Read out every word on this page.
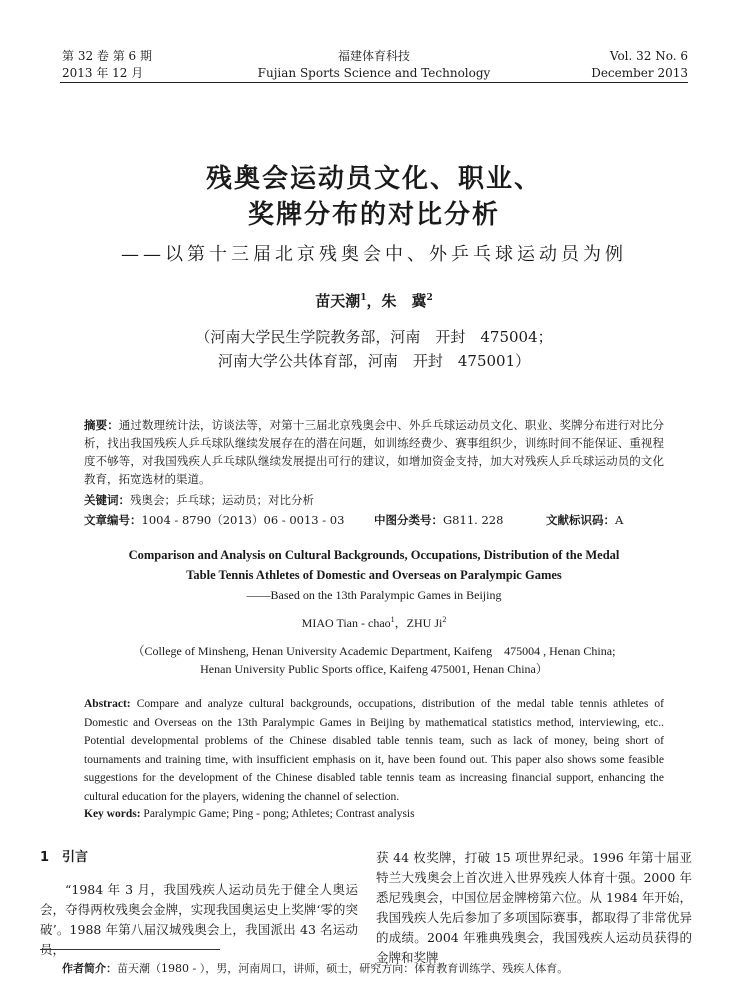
第 32 卷 第 6 期
2013 年 12 月
福建体育科技
Fujian Sports Science and Technology
Vol. 32 No. 6
December 2013
残奥会运动员文化、职业、
奖牌分布的对比分析
——以第十三届北京残奥会中、外乒乓球运动员为例
苗天潮$^1$，朱　冀$^2$
（河南大学民生学院教务部，河南　开封　475004；
河南大学公共体育部，河南　开封　475001）
摘要：通过数理统计法，访谈法等，对第十三届北京残奥会中、外乒乓球运动员文化、职业、奖牌分布进行对比分析，找出我国残疾人乒乓球队继续发展存在的潜在问题，如训练经费少、赛事组织少，训练时间不能保证、重视程度不够等，对我国残疾人乒乓球队继续发展提出可行的建议，如增加资金支持，加大对残疾人乒乓球运动员的文化教育，拓宽选材的渠道。
关键词：残奥会；乒乓球；运动员；对比分析
文章编号：1004 - 8790（2013）06 - 0013 - 03	中图分类号：G811. 228	文献标识码：A
Comparison and Analysis on Cultural Backgrounds, Occupations, Distribution of the Medal
Table Tennis Athletes of Domestic and Overseas on Paralympic Games
——Based on the 13th Paralympic Games in Beijing
MIAO Tian - chao$^1$，ZHU Ji$^2$
（College of Minsheng, Henan University Academic Department, Kaifeng　475004 , Henan China;
Henan University Public Sports office, Kaifeng 475001, Henan China）
Abstract: Compare and analyze cultural backgrounds, occupations, distribution of the medal table tennis athletes of Domestic and Overseas on the 13th Paralympic Games in Beijing by mathematical statistics method, interviewing, etc.. Potential developmental problems of the Chinese disabled table tennis team, such as lack of money, being short of tournaments and training time, with insufficient emphasis on it, have been found out. This paper also shows some feasible suggestions for the development of the Chinese disabled table tennis team as increasing financial support, enhancing the cultural education for the players, widening the channel of selection.
Key words: Paralympic Game; Ping - pong; Athletes; Contrast analysis
1　引言
“1984 年 3 月，我国残疾人运动员先于健全人奥运会，夺得两枚残奥会金牌，实现我国奥运史上奖牌‘零的突破’。1988 年第八届汉城残奥会上，我国派出 43 名运动员，
获 44 枚奖牌，打破 15 项世界纪录。1996 年第十届亚特兰大残奥会上首次进入世界残疾人体育十强。2000 年悉尼残奥会，中国位居金牌榜第六位。从 1984 年开始，我国残疾人先后参加了多项国际赛事，都取得了非常优异的成绩。2004 年雅典残奥会，我国残疾人运动员获得的金牌和奖牌
作者简介：苗天潮（1980 - ），男，河南周口，讲师，硕士，研究方向：体育教育训练学、残疾人体育。
